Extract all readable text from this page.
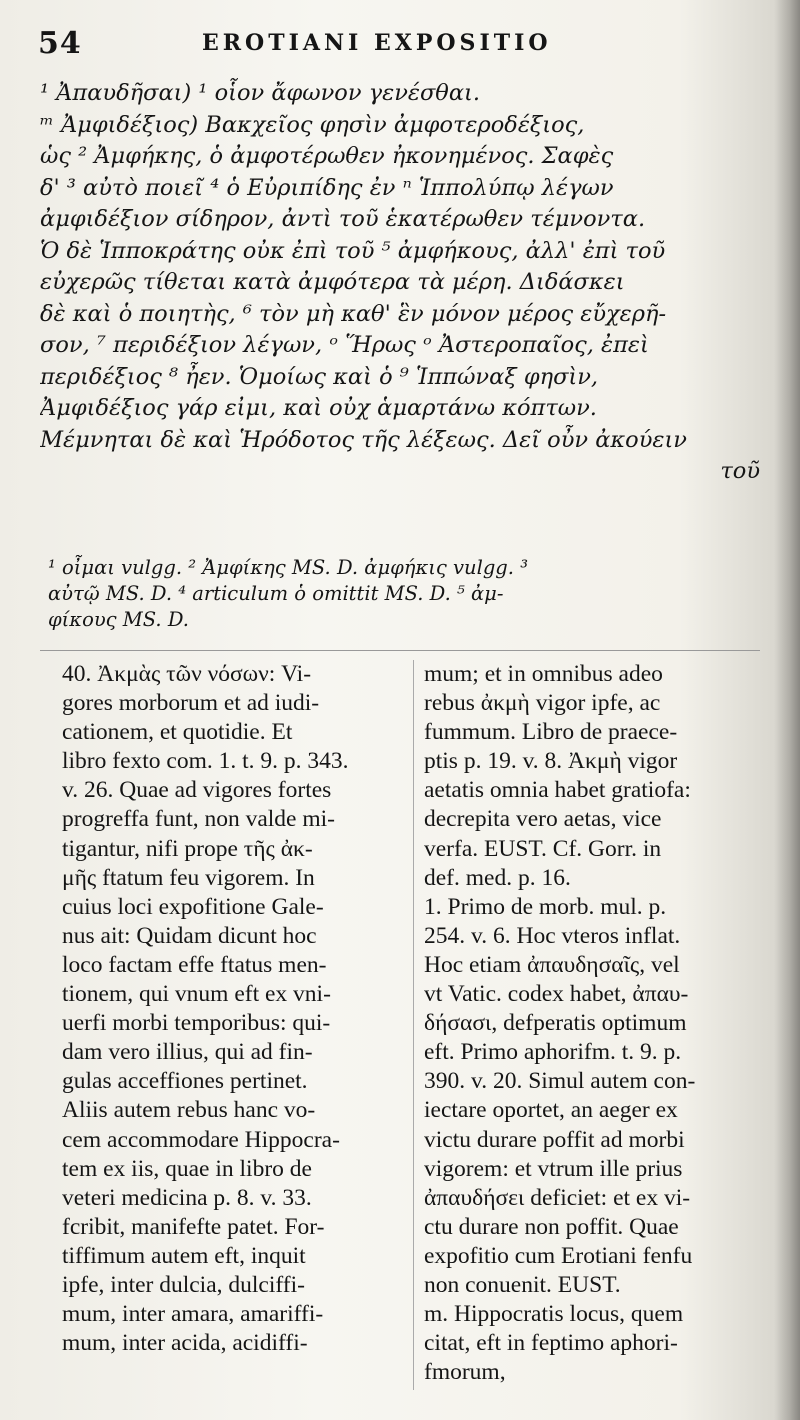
54	EROTIANI EXPOSITIO
¹ Ἀπαυδῆσαι) ¹ οἷον ἄφωνον γενέσθαι.
ᵐ Ἀμφιδέξιος) Βακχεῖος φησὶν ἀμφοτεροδέξιος,
ὡς ² Ἀμφήκης, ὁ ἀμφοτέρωθεν ἠκονημένος. Σαφὲς
δ' ³ αὐτὸ ποιεῖ ⁴ ὁ Εὐριπίδης ἐν ⁿ Ἱππολύπῳ λέγων
ἀμφιδέξιον σίδηρον, ἀντὶ τοῦ ἑκατέρωθεν τέμνοντα.
Ὁ δὲ Ἱπποκράτης οὐκ ἐπὶ τοῦ ⁵ ἀμφήκους, ἀλλ' ἐπὶ τοῦ
εὐχερῶς τίθεται κατὰ ἀμφότερα τὰ μέρη. Διδάσκει
δὲ καὶ ὁ ποιητὴς, ⁶ τὸν μὴ καθ' ἓν μόνον μέρος εὔχερῆ-
σον, ⁷ περιδέξιον λέγων, ᵒ Ἥρως ᵒ Ἀστεροπαῖος, ἐπεὶ
περιδέξιος ⁸ ἦεν. Ὁμοίως καὶ ὁ ⁹ Ἱππώναξ φησὶν,
Ἀμφιδέξιος γάρ εἰμι, καὶ οὐχ ἁμαρτάνω κόπτων.
Μέμνηται δὲ καὶ Ἡρόδοτος τῆς λέξεως. Δεῖ οὖν ἀκούειν
τοῦ
¹ οἶμαι vulgg. ² Ἀμφίκης MS. D. ἀμφήκις vulgg. ³
αὐτῷ MS. D. ⁴ articulum ὁ omittit MS. D. ⁵ ἀμ-
φίκους MS. D.
40. Ἀκμὰς τῶν νόσων: Vi-
gores morborum et ad iudi-
cationem, et quotidie. Et
libro fexto com. 1. t. 9. p. 343.
v. 26. Quae ad vigores fortes
progreffa funt, non valde mi-
tigantur, nifi prope τῆς ἀκ-
μῆς ftatum feu vigorem. In
cuius loci expofitione Gale-
nus ait: Quidam dicunt hoc
loco factam effe ftatus men-
tionem, qui vnum eft ex vni-
uerfi morbi temporibus: qui-
dam vero illius, qui ad fin-
gulas acceffiones pertinet.
Aliis autem rebus hanc vo-
cem accommodare Hippocra-
tem ex iis, quae in libro de
veteri medicina p. 8. v. 33.
fcribit, manifefte patet. For-
tiffimum autem eft, inquit
ipfe, inter dulcia, dulciffi-
mum, inter amara, amariffi-
mum, inter acida, acidiffi-
mum; et in omnibus adeo
rebus ἀκμὴ vigor ipfe, ac
fummum. Libro de praece-
ptis p. 19. v. 8. Ἀκμὴ vigor
aetatis omnia habet gratiofa:
decrepita vero aetas, vice
verfa. EUST. Cf. Gorr. in
def. med. p. 16.
1. Primo de morb. mul. p.
254. v. 6. Hoc vteros inflat.
Hoc etiam ἀπαυδησαῖς, vel
vt Vatic. codex habet, ἀπαυ-
δήσασι, defperatis optimum
eft. Primo aphorifm. t. 9. p.
390. v. 20. Simul autem con-
iectare oportet, an aeger ex
victu durare poffit ad morbi
vigorem: et vtrum ille prius
ἀπαυδήσει deficiet: et ex vi-
ctu durare non poffit. Quae
expofitio cum Erotiani fenfu
non conuenit. EUST.
m. Hippocratis locus, quem
citat, eft in feptimo aphori-
fmorum,
